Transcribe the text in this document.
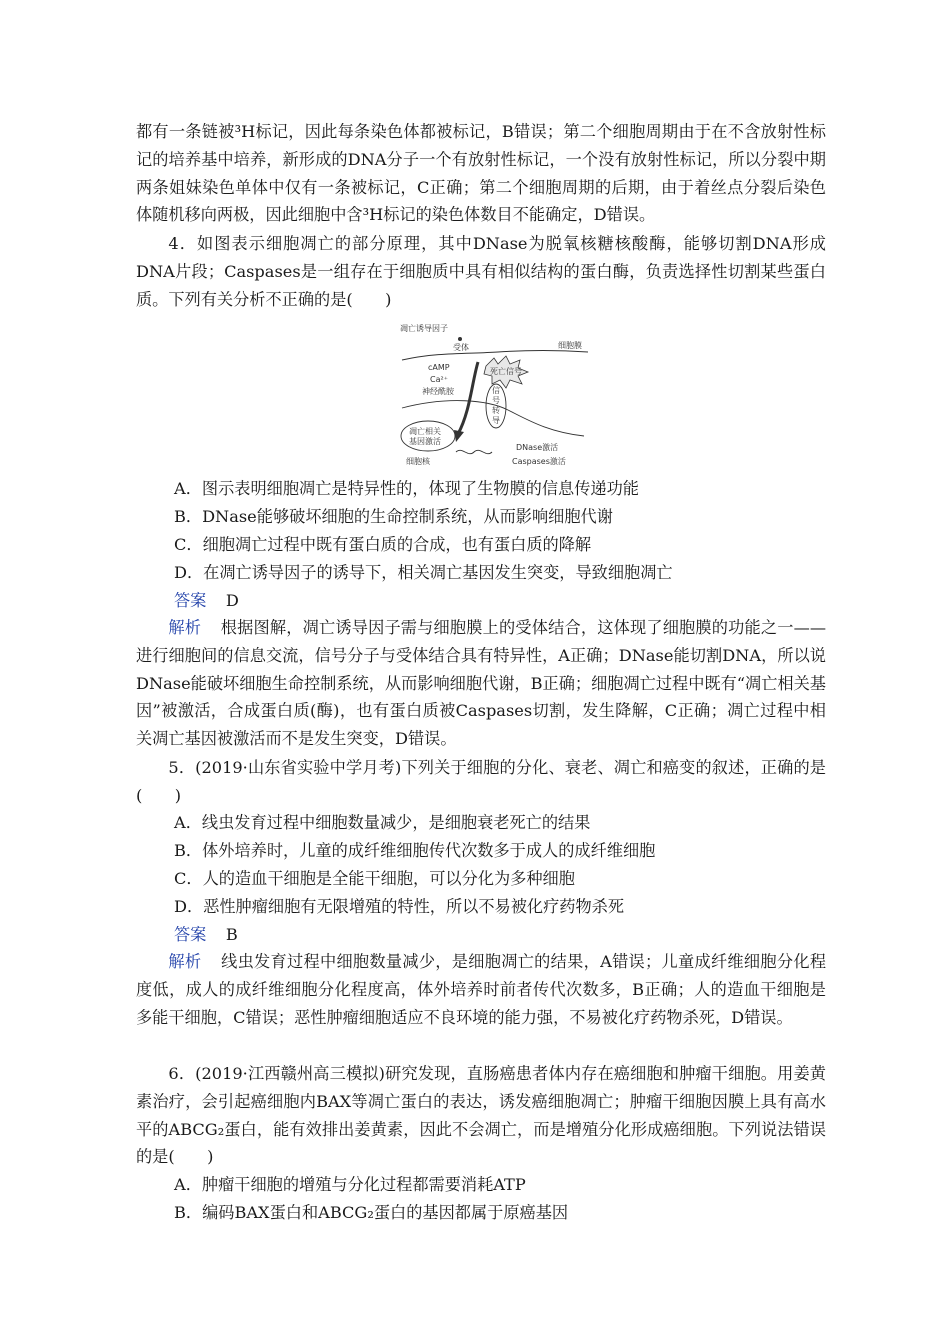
都有一条链被³H标记，因此每条染色体都被标记，B错误；第二个细胞周期由于在不含放射性标记的培养基中培养，新形成的DNA分子一个有放射性标记，一个没有放射性标记，所以分裂中期两条姐妹染色单体中仅有一条被标记，C正确；第二个细胞周期的后期，由于着丝点分裂后染色体随机移向两极，因此细胞中含³H标记的染色体数目不能确定，D错误。

4．如图表示细胞凋亡的部分原理，其中DNase为脱氧核糖核酸酶，能够切割DNA形成DNA片段；Caspases是一组存在于细胞质中具有相似结构的蛋白酶，负责选择性切割某些蛋白质。下列有关分析不正确的是(　　)

凋亡诱导因子
受体	细胞膜
cAMP
Ca²⁺
神经酰胺
死亡信号
信
号
转
导
凋亡相关
基因激活
细胞核
DNase激活
Caspases激活

A．图示表明细胞凋亡是特异性的，体现了生物膜的信息传递功能

B．DNase能够破坏细胞的生命控制系统，从而影响细胞代谢

C．细胞凋亡过程中既有蛋白质的合成，也有蛋白质的降解

D．在凋亡诱导因子的诱导下，相关凋亡基因发生突变，导致细胞凋亡

答案 D

解析 根据图解，凋亡诱导因子需与细胞膜上的受体结合，这体现了细胞膜的功能之一——进行细胞间的信息交流，信号分子与受体结合具有特异性，A正确；DNase能切割DNA，所以说DNase能破坏细胞生命控制系统，从而影响细胞代谢，B正确；细胞凋亡过程中既有“凋亡相关基因”被激活，合成蛋白质(酶)，也有蛋白质被Caspases切割，发生降解，C正确；凋亡过程中相关凋亡基因被激活而不是发生突变，D错误。

5．(2019·山东省实验中学月考)下列关于细胞的分化、衰老、凋亡和癌变的叙述，正确的是(　　)

A．线虫发育过程中细胞数量减少，是细胞衰老死亡的结果

B．体外培养时，儿童的成纤维细胞传代次数多于成人的成纤维细胞

C．人的造血干细胞是全能干细胞，可以分化为多种细胞

D．恶性肿瘤细胞有无限增殖的特性，所以不易被化疗药物杀死

答案 B

解析 线虫发育过程中细胞数量减少，是细胞凋亡的结果，A错误；儿童成纤维细胞分化程度低，成人的成纤维细胞分化程度高，体外培养时前者传代次数多，B正确；人的造血干细胞是多能干细胞，C错误；恶性肿瘤细胞适应不良环境的能力强，不易被化疗药物杀死，D错误。

6．(2019·江西赣州高三模拟)研究发现，直肠癌患者体内存在癌细胞和肿瘤干细胞。用姜黄素治疗，会引起癌细胞内BAX等凋亡蛋白的表达，诱发癌细胞凋亡；肿瘤干细胞因膜上具有高水平的ABCG₂蛋白，能有效排出姜黄素，因此不会凋亡，而是增殖分化形成癌细胞。下列说法错误的是(　　)

A．肿瘤干细胞的增殖与分化过程都需要消耗ATP

B．编码BAX蛋白和ABCG₂蛋白的基因都属于原癌基因
